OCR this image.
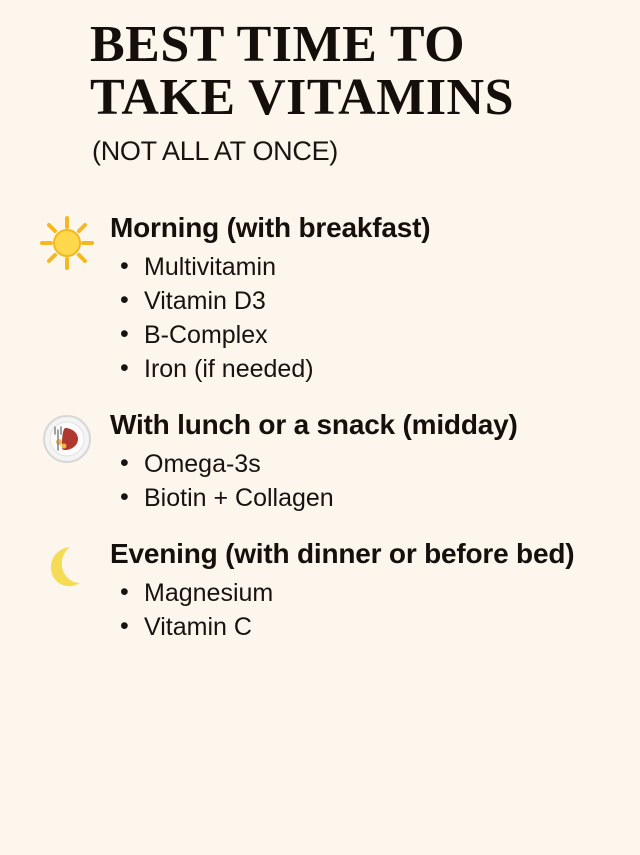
BEST TIME TO
TAKE VITAMINS
(NOT ALL AT ONCE)
Morning (with breakfast)
• Multivitamin
• Vitamin D3
• B-Complex
• Iron (if needed)
With lunch or a snack (midday)
• Omega-3s
• Biotin + Collagen
Evening (with dinner or before bed)
• Magnesium
• Vitamin C
